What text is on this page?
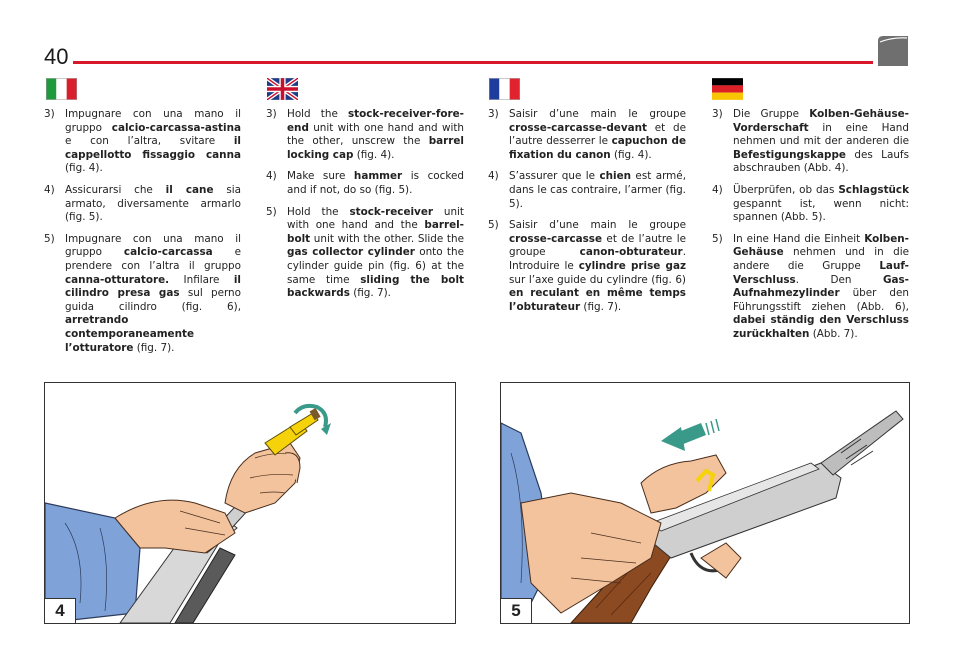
40
3) Impugnare con una mano il gruppo calcio-carcassa-astina e con l’altra, svitare il cappellotto fissaggio canna (fig. 4).
4) Assicurarsi che il cane sia armato, diversamente armarlo (fig. 5).
5) Impugnare con una mano il gruppo calcio-carcassa e prendere con l’altra il gruppo canna-otturatore. Infilare il cilindro presa gas sul perno guida cilindro (fig. 6), arretrando contemporaneamente l’otturatore (fig. 7).
3) Hold the stock-receiver-fore-end unit with one hand and with the other, unscrew the barrel locking cap (fig. 4).
4) Make sure hammer is cocked and if not, do so (fig. 5).
5) Hold the stock-receiver unit with one hand and the barrel-bolt unit with the other. Slide the gas collector cylinder onto the cylinder guide pin (fig. 6) at the same time sliding the bolt backwards (fig. 7).
3) Saisir d’une main le groupe crosse-carcasse-devant et de l’autre desserrer le capuchon de fixation du canon (fig. 4).
4) S’assurer que le chien est armé, dans le cas contraire, l’armer (fig. 5).
5) Saisir d’une main le groupe crosse-carcasse et de l’autre le groupe canon-obturateur. Introduire le cylindre prise gaz sur l’axe guide du cylindre (fig. 6) en reculant en même temps l’obturateur (fig. 7).
3) Die Gruppe Kolben-Gehäuse-Vorderschaft in eine Hand nehmen und mit der anderen die Befestigungskappe des Laufs abschrauben (Abb. 4).
4) Überprüfen, ob das Schlagstück gespannt ist, wenn nicht: spannen (Abb. 5).
5) In eine Hand die Einheit Kolben-Gehäuse nehmen und in die andere die Gruppe Lauf-Verschluss. Den Gas-Aufnahmezylinder über den Führungsstift ziehen (Abb. 6), dabei ständig den Verschluss zurückhalten (Abb. 7).
4	5
